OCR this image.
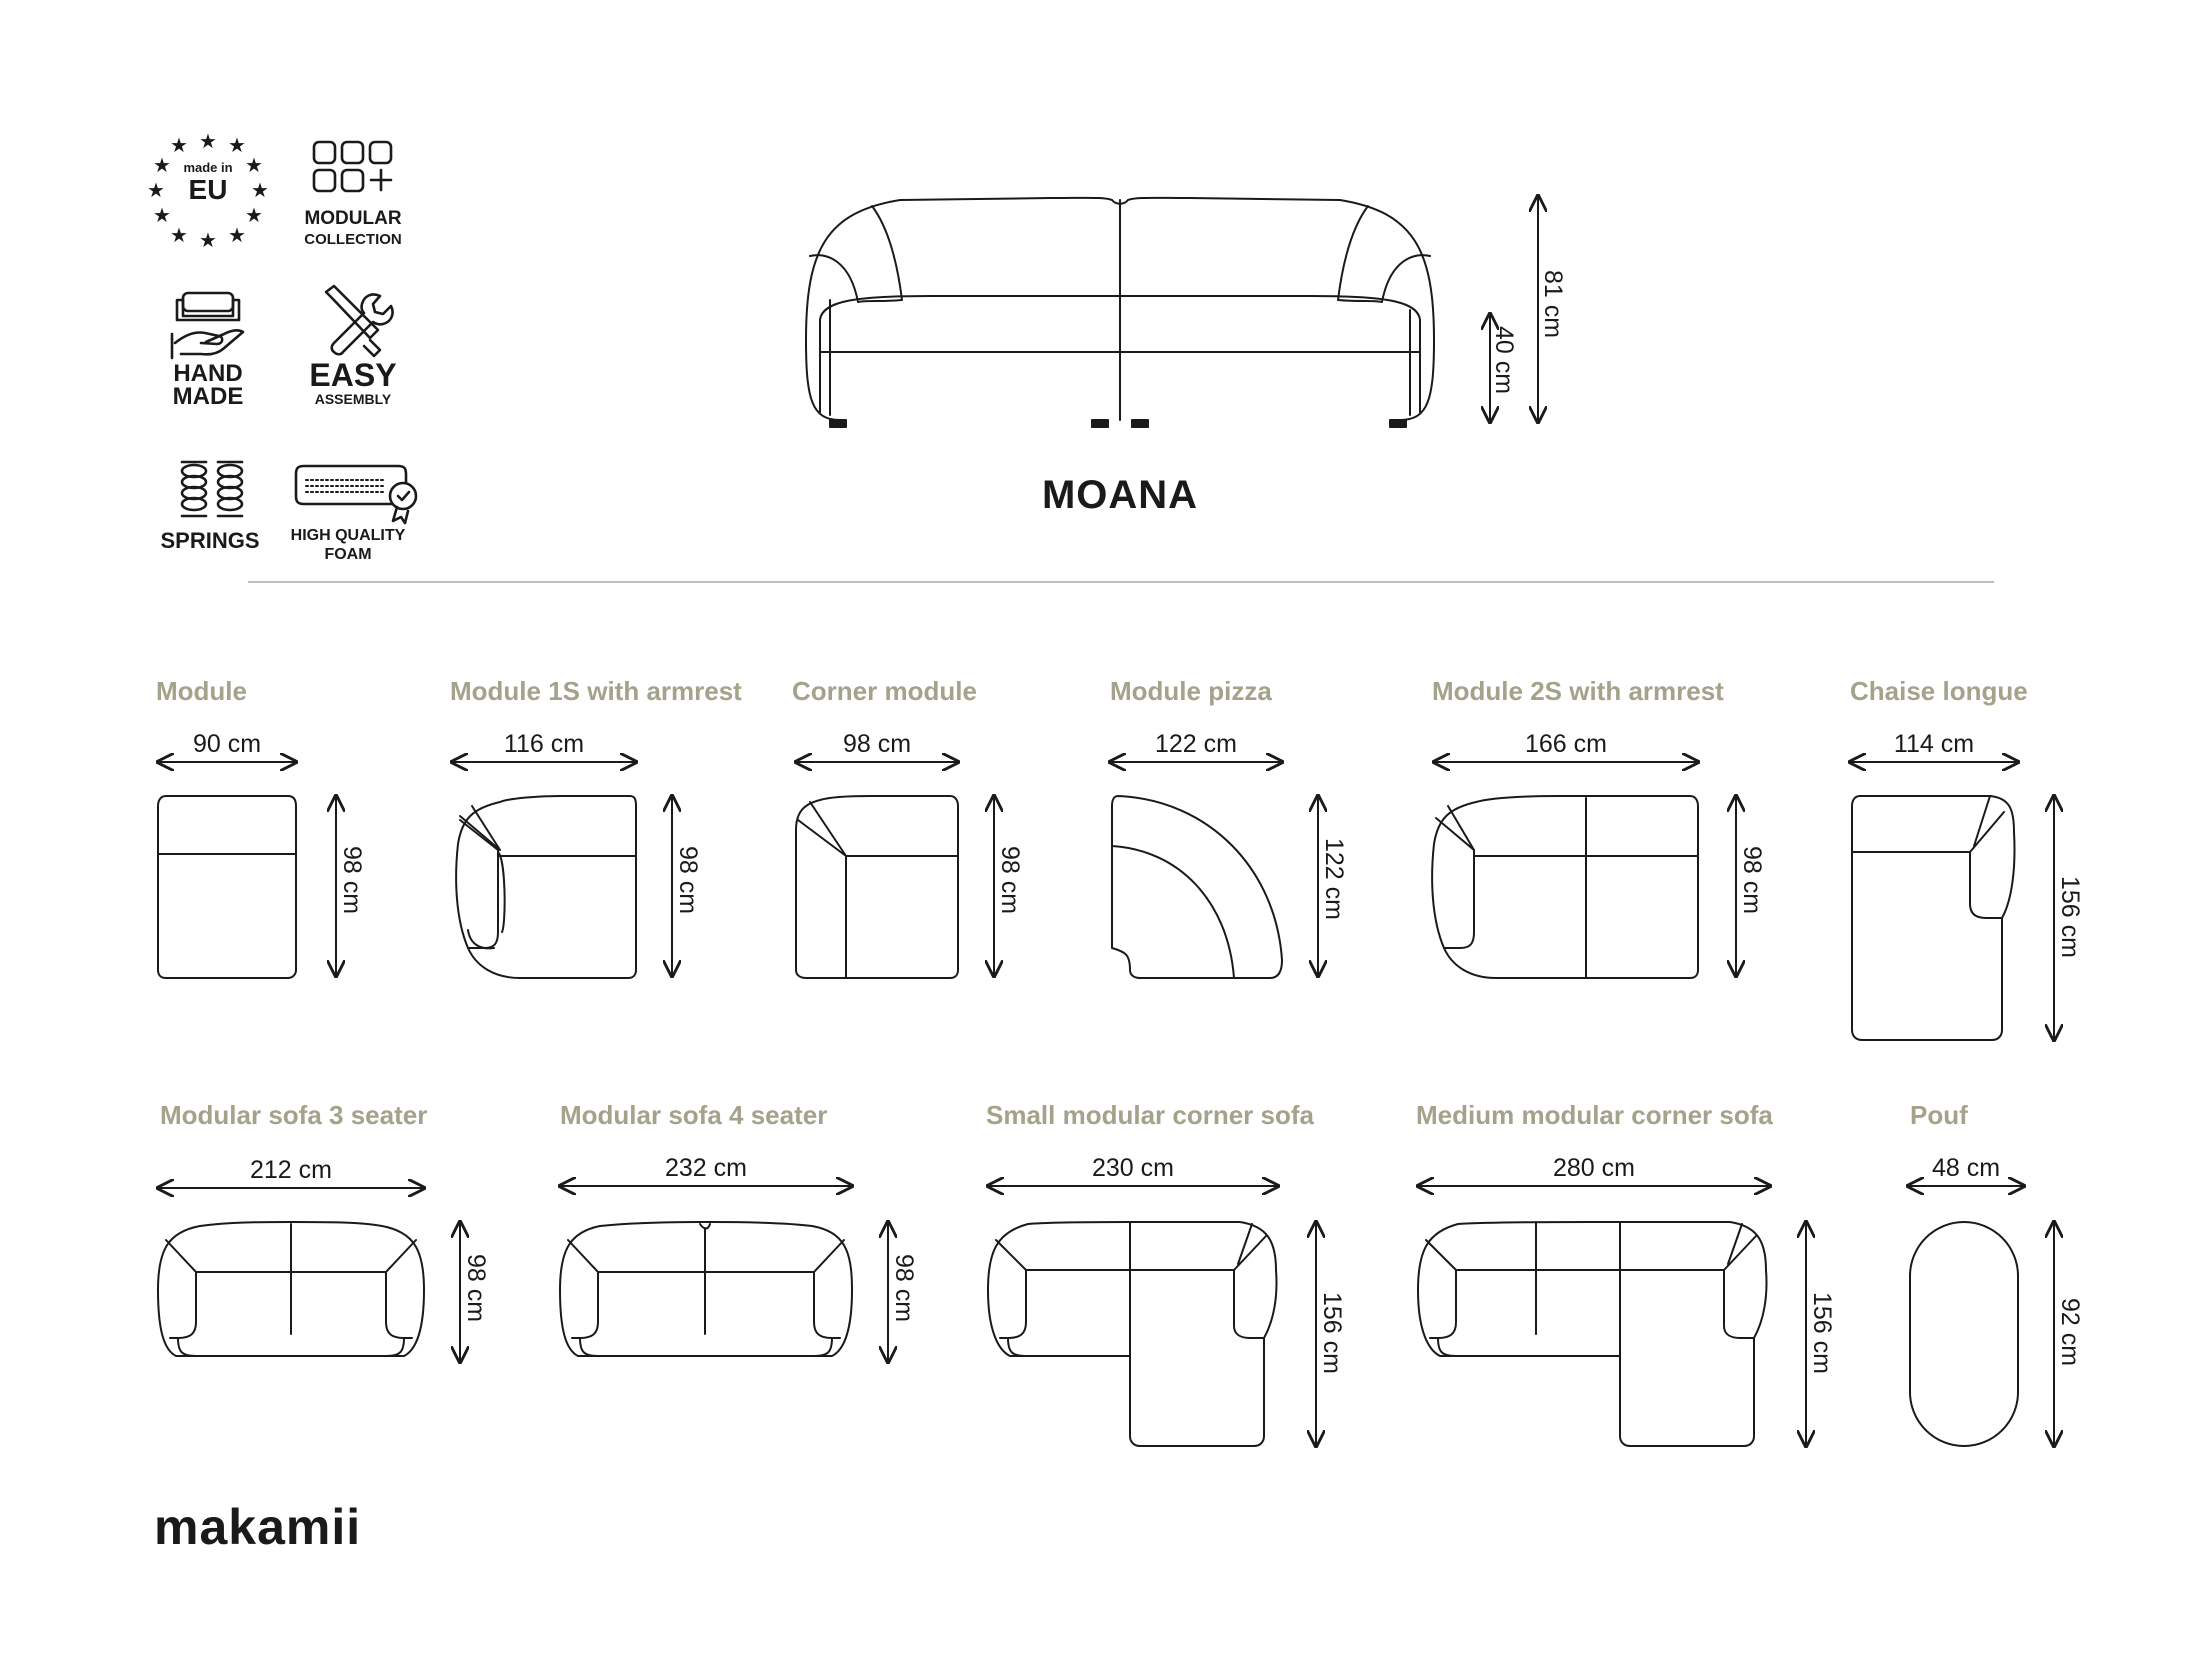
★ ★
★
★
★
★
★
★
★
★
★
★
made in
EU
MODULAR
COLLECTION
HAND
MADE
EASY
ASSEMBLY
SPRINGS HIGH QUALITY
FOAM
81 cm
40 cm
MOANA
Module
90 cm
98 cm
Module 1S with armrest
116 cm
98 cm
Corner module
98 cm
98 cm
Module pizza
122 cm
122 cm
Module 2S with armrest
166 cm
98 cm
Chaise longue
114 cm
156 cm
Modular sofa 3 seater
212 cm
98 cm
Modular sofa 4 seater
232 cm
98 cm
Small modular corner sofa
230 cm
156 cm
Medium modular corner sofa
280 cm
156 cm
Pouf
48 cm
92 cm
makamii
